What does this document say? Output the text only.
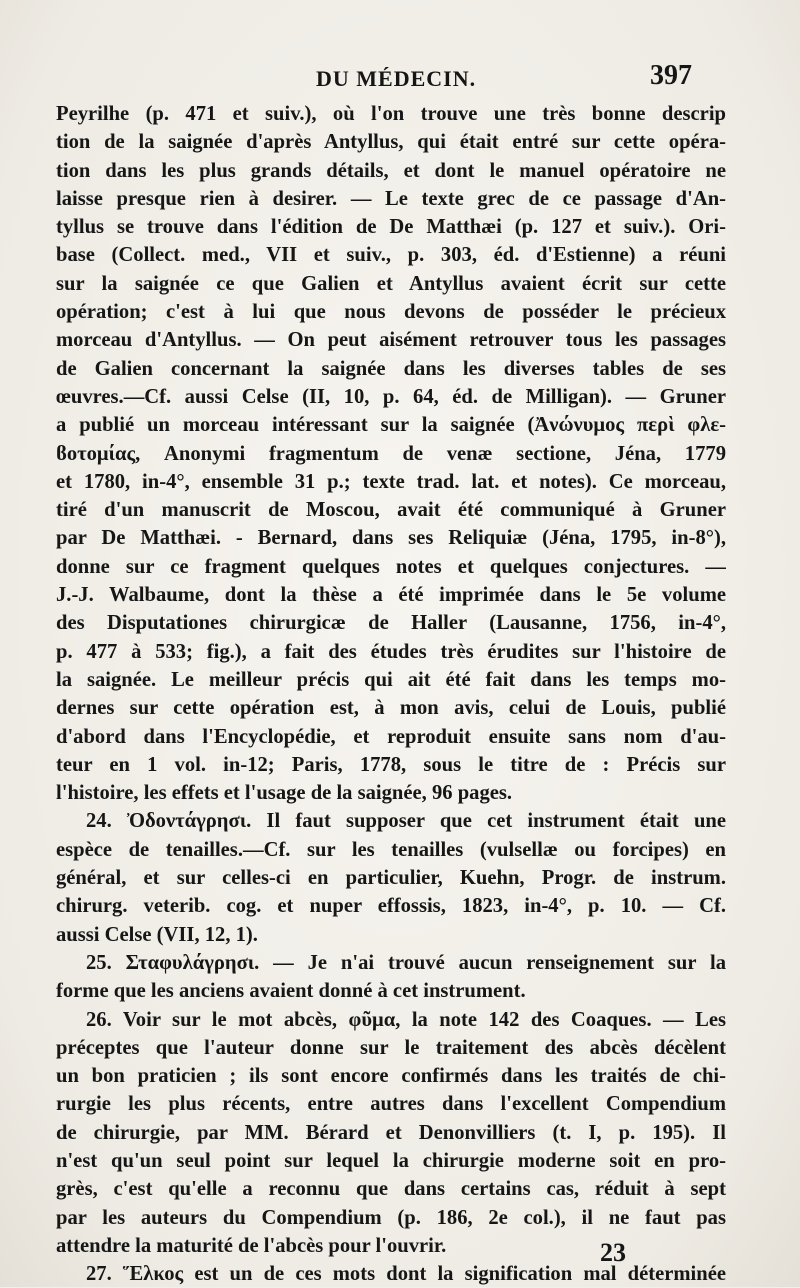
DU MÉDECIN.	397
Peyrilhe (p. 471 et suiv.), où l'on trouve une très bonne descrip
tion de la saignée d'après Antyllus, qui était entré sur cette opéra-
tion dans les plus grands détails, et dont le manuel opératoire ne
laisse presque rien à desirer. — Le texte grec de ce passage d'An-
tyllus se trouve dans l'édition de De Matthæi (p. 127 et suiv.). Ori-
base (Collect. med., VII et suiv., p. 303, éd. d'Estienne) a réuni
sur la saignée ce que Galien et Antyllus avaient écrit sur cette
opération; c'est à lui que nous devons de posséder le précieux
morceau d'Antyllus. — On peut aisément retrouver tous les passages
de Galien concernant la saignée dans les diverses tables de ses
œuvres.—Cf. aussi Celse (II, 10, p. 64, éd. de Milligan). — Gruner
a publié un morceau intéressant sur la saignée (Ἀνώνυμος περὶ φλε-
ϐοτομίας, Anonymi fragmentum de venæ sectione, Jéna, 1779
et 1780, in-4°, ensemble 31 p.; texte trad. lat. et notes). Ce morceau,
tiré d'un manuscrit de Moscou, avait été communiqué à Gruner
par De Matthæi. - Bernard, dans ses Reliquiæ (Jéna, 1795, in-8°),
donne sur ce fragment quelques notes et quelques conjectures. —
J.-J. Walbaume, dont la thèse a été imprimée dans le 5e volume
des Disputationes chirurgicæ de Haller (Lausanne, 1756, in-4°,
p. 477 à 533; fig.), a fait des études très érudites sur l'histoire de
la saignée. Le meilleur précis qui ait été fait dans les temps mo-
dernes sur cette opération est, à mon avis, celui de Louis, publié
d'abord dans l'Encyclopédie, et reproduit ensuite sans nom d'au-
teur en 1 vol. in-12; Paris, 1778, sous le titre de : Précis sur
l'histoire, les effets et l'usage de la saignée, 96 pages.
24. Ὀδοντάγρησι. Il faut supposer que cet instrument était une
espèce de tenailles.—Cf. sur les tenailles (vulsellæ ou forcipes) en
général, et sur celles-ci en particulier, Kuehn, Progr. de instrum.
chirurg. veterib. cog. et nuper effossis, 1823, in-4°, p. 10. — Cf.
aussi Celse (VII, 12, 1).
25. Σταφυλάγρησι. — Je n'ai trouvé aucun renseignement sur la
forme que les anciens avaient donné à cet instrument.
26. Voir sur le mot abcès, φῦμα, la note 142 des Coaques. — Les
préceptes que l'auteur donne sur le traitement des abcès décèlent
un bon praticien ; ils sont encore confirmés dans les traités de chi-
rurgie les plus récents, entre autres dans l'excellent Compendium
de chirurgie, par MM. Bérard et Denonvilliers (t. I, p. 195). Il
n'est qu'un seul point sur lequel la chirurgie moderne soit en pro-
grès, c'est qu'elle a reconnu que dans certains cas, réduit à sept
par les auteurs du Compendium (p. 186, 2e col.), il ne faut pas
attendre la maturité de l'abcès pour l'ouvrir.
27. Ἕλκος est un de ces mots dont la signification mal déterminée
23
